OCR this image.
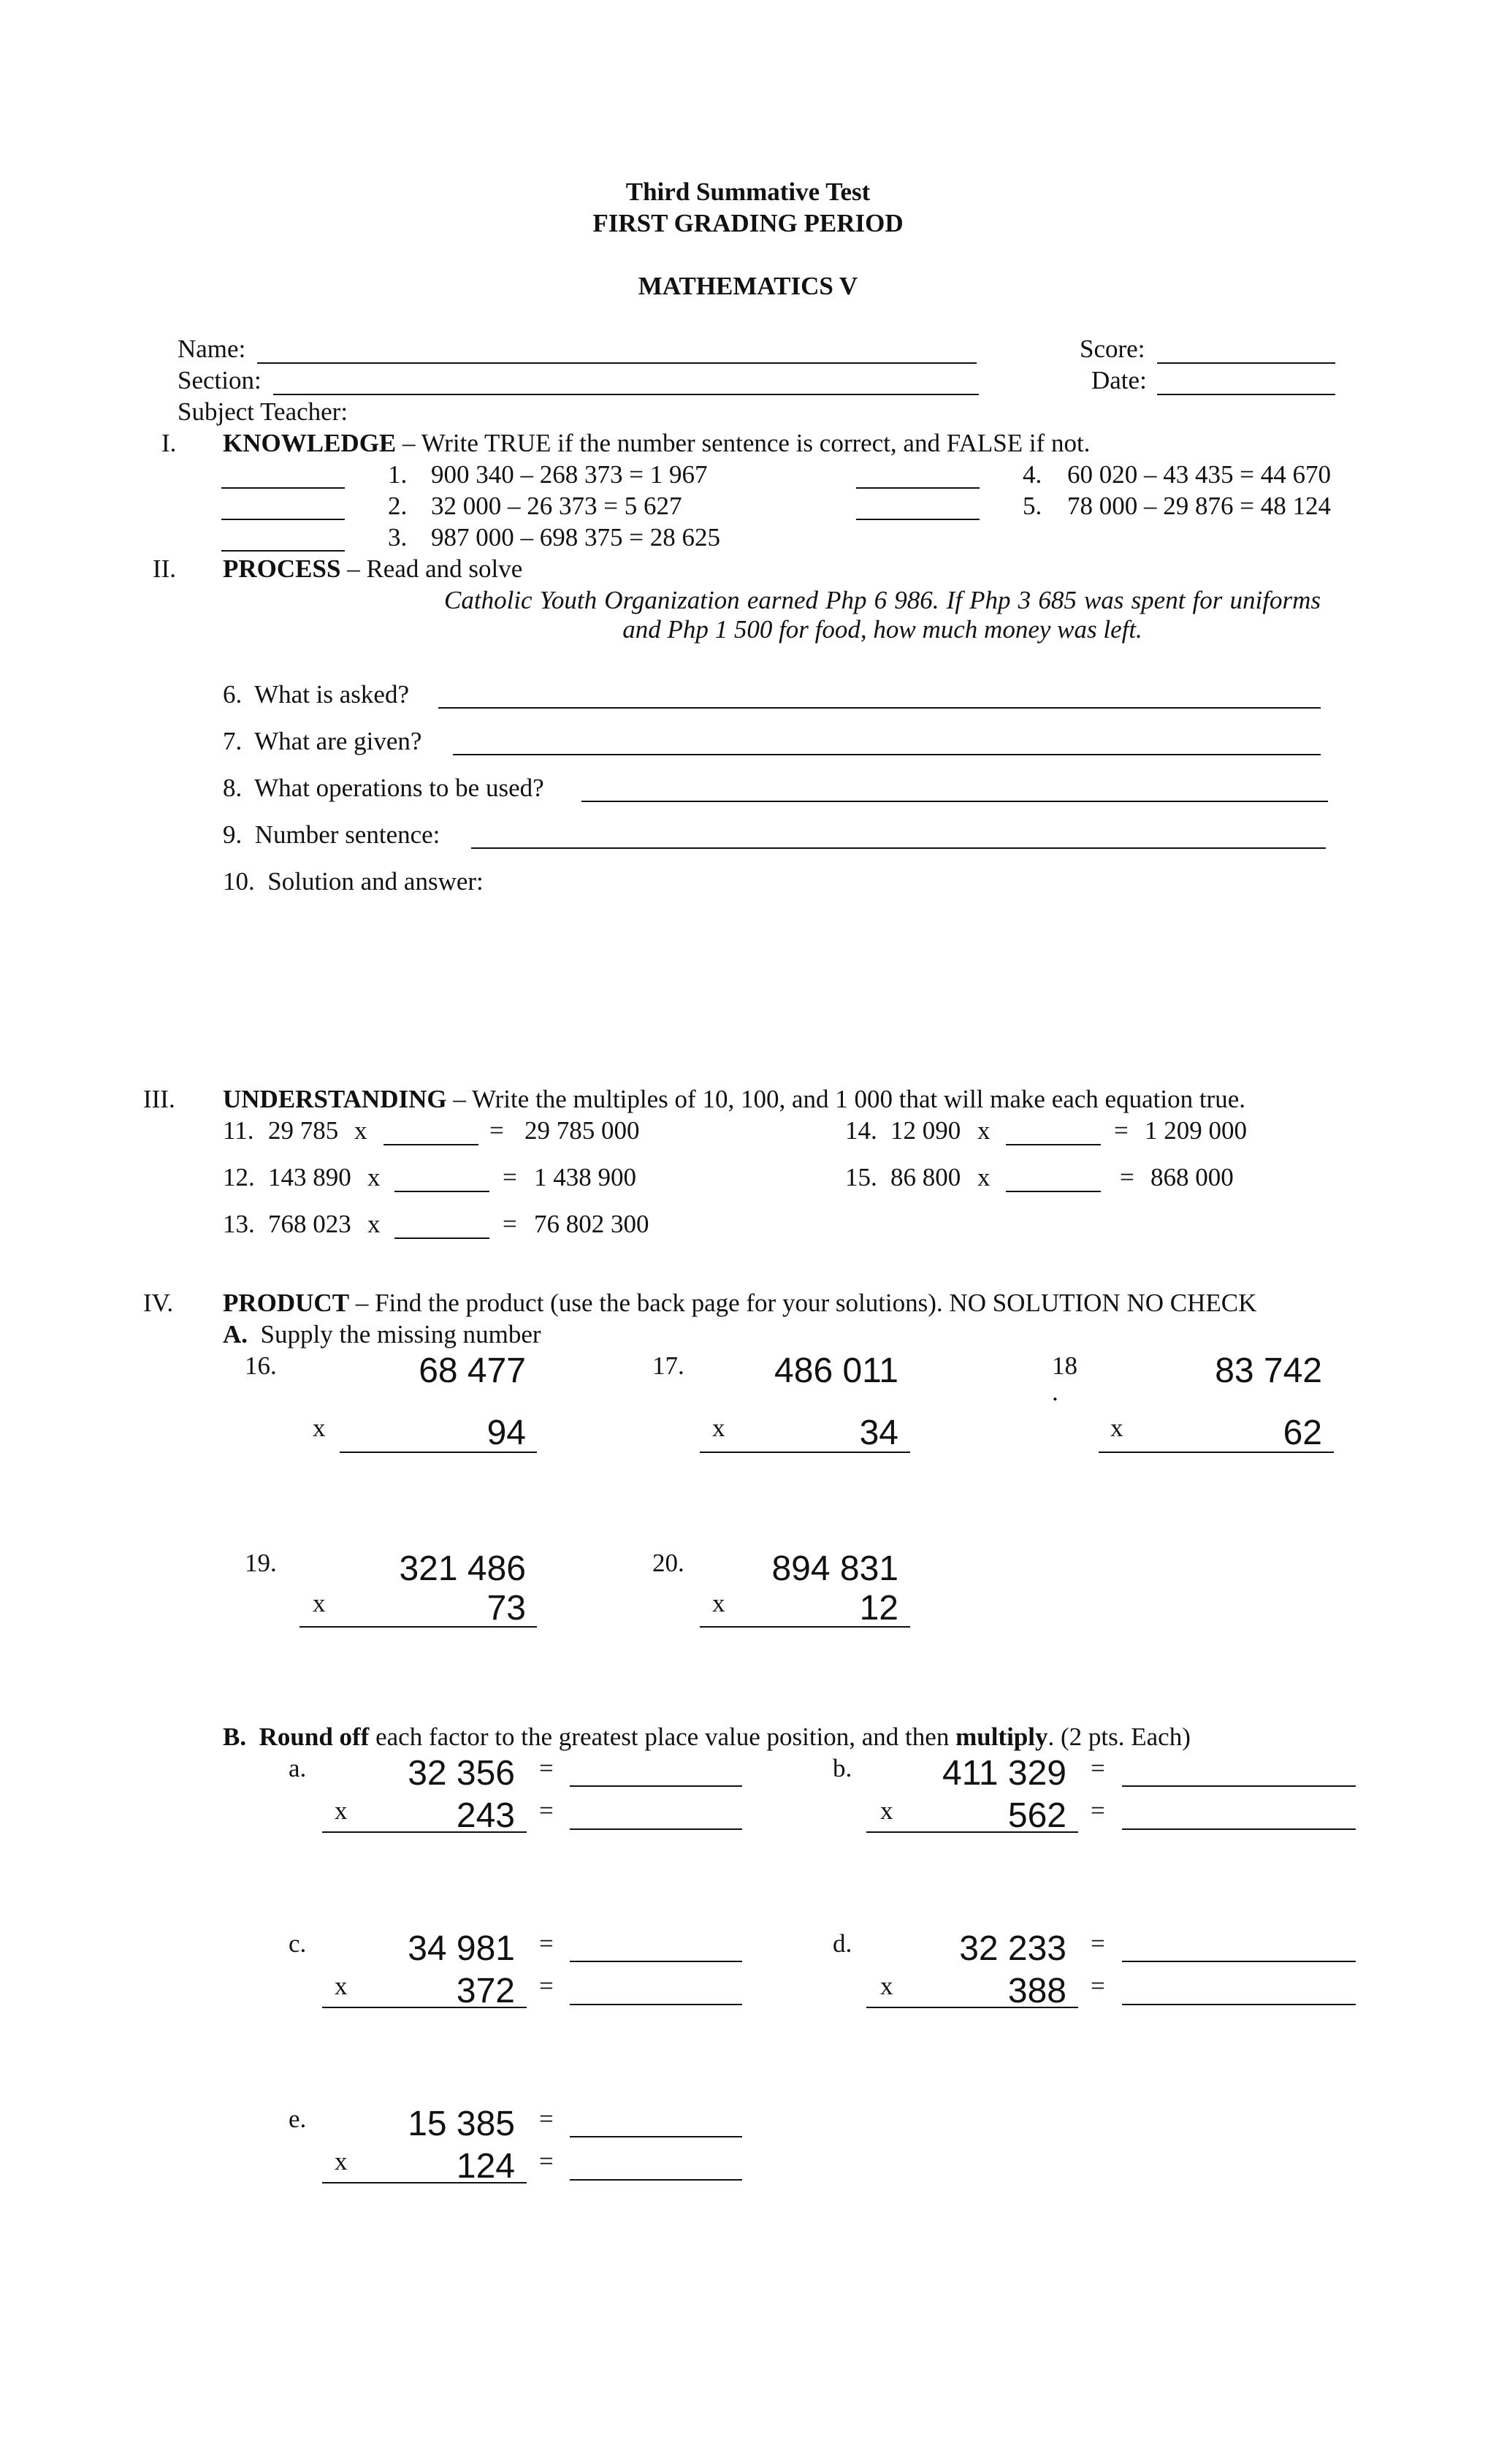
Third Summative Test
FIRST GRADING PERIOD
MATHEMATICS V
Name:
Section:
Subject Teacher:
Score:
Date:
I. KNOWLEDGE – Write TRUE if the number sentence is correct, and FALSE if not.
1. 900 340 – 268 373 = 1 967
2. 32 000 – 26 373 = 5 627
3. 987 000 – 698 375 = 28 625
4. 60 020 – 43 435 = 44 670
5. 78 000 – 29 876 = 48 124
II. PROCESS – Read and solve
Catholic Youth Organization earned Php 6 986. If Php 3 685 was spent for uniforms and Php 1 500 for food, how much money was left.
6. What is asked?
7. What are given?
8. What operations to be used?
9. Number sentence:
10. Solution and answer:
III. UNDERSTANDING – Write the multiples of 10, 100, and 1 000 that will make each equation true.
11. 29 785 x	= 29 785 000
12. 143 890 x	= 1 438 900
13. 768 023 x	= 76 802 300
14. 12 090 x	= 1 209 000
15. 86 800 x	= 868 000
IV. PRODUCT – Find the product (use the back page for your solutions). NO SOLUTION NO CHECK
A. Supply the missing number
16.	68 477
x	94
17.	486 011
x	34
18
.
83 742
x	62
19.	321 486
x	73
20.	894 831
x	12
B. Round off each factor to the greatest place value position, and then multiply. (2 pts. Each)
a.	32 356 =
x	243 =
b.	411 329 =
x	562 =
c.	34 981 =
x	372 =
d.	32 233 =
x	388 =
e.	15 385 =
x	124 =
